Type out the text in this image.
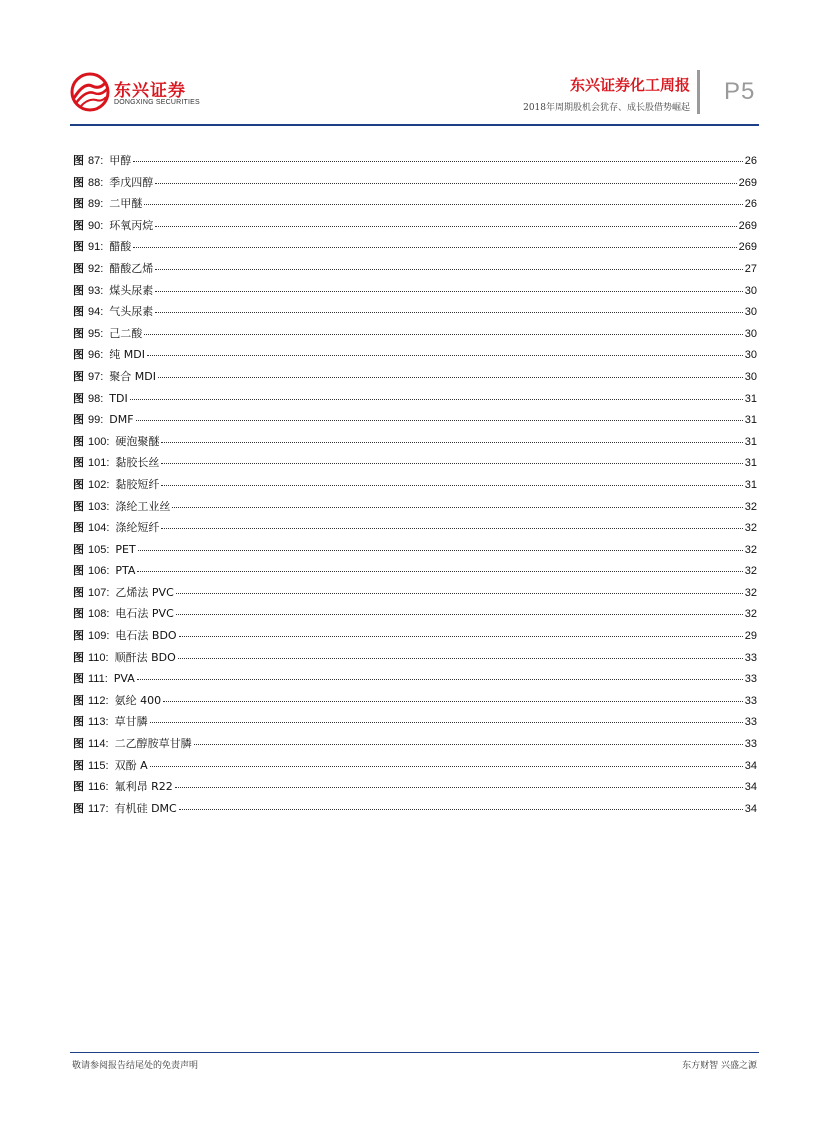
东兴证券
DONGXING SECURITIES
东兴证券化工周报
2018年周期股机会犹存、成长股借势崛起
P5
图 87: 甲醇	26
图 88: 季戊四醇	269
图 89: 二甲醚	26
图 90: 环氧丙烷	269
图 91: 醋酸	269
图 92: 醋酸乙烯	27
图 93: 煤头尿素	30
图 94: 气头尿素	30
图 95: 己二酸	30
图 96: 纯 MDI	30
图 97: 聚合 MDI	30
图 98: TDI	31
图 99: DMF	31
图 100: 硬泡聚醚	31
图 101: 黏胶长丝	31
图 102: 黏胶短纤	31
图 103: 涤纶工业丝	32
图 104: 涤纶短纤	32
图 105: PET	32
图 106: PTA	32
图 107: 乙烯法 PVC	32
图 108: 电石法 PVC	32
图 109: 电石法 BDO	29
图 110: 顺酐法 BDO	33
图 111: PVA	33
图 112: 氨纶 400	33
图 113: 草甘膦	33
图 114: 二乙醇胺草甘膦	33
图 115: 双酚 A	34
图 116: 氟利昂 R22	34
图 117: 有机硅 DMC	34
敬请参阅报告结尾处的免责声明	东方财智 兴盛之源
